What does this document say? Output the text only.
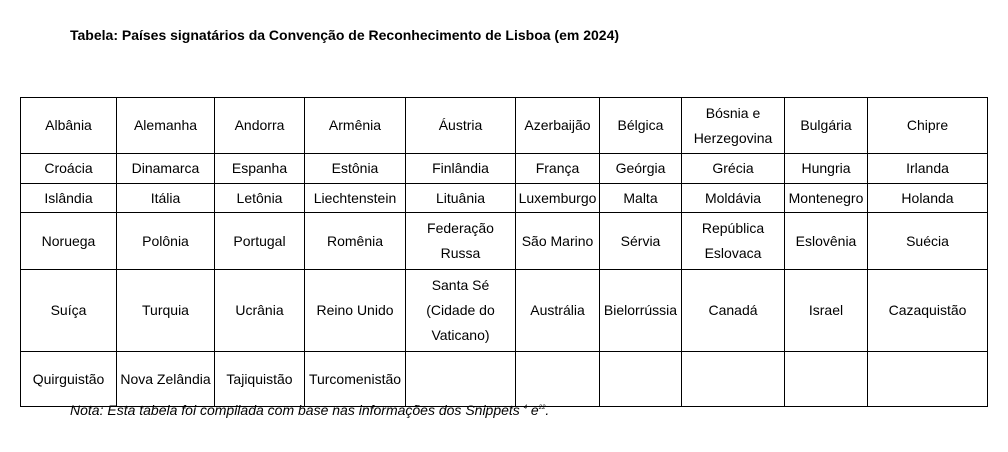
Tabela: Países signatários da Convenção de Reconhecimento de Lisboa (em 2024)
Albânia	Alemanha	Andorra	Armênia	Áustria	Azerbaijão	Bélgica	Bósnia e Herzegovina	Bulgária	Chipre
Croácia	Dinamarca	Espanha	Estônia	Finlândia	França	Geórgia	Grécia	Hungria	Irlanda
Islândia	Itália	Letônia	Liechtenstein	Lituânia	Luxemburgo	Malta	Moldávia	Montenegro	Holanda
Noruega	Polônia	Portugal	Romênia	Federação Russa	São Marino	Sérvia	República Eslovaca	Eslovênia	Suécia
Suíça	Turquia	Ucrânia	Reino Unido	Santa Sé (Cidade do Vaticano)	Austrália	Bielorrússia	Canadá	Israel	Cazaquistão
Quirguistão	Nova Zelândia	Tajiquistão	Turcomenistão						
Nota: Esta tabela foi compilada com base nas informações dos Snippets $^4$ $e^{22}$.
